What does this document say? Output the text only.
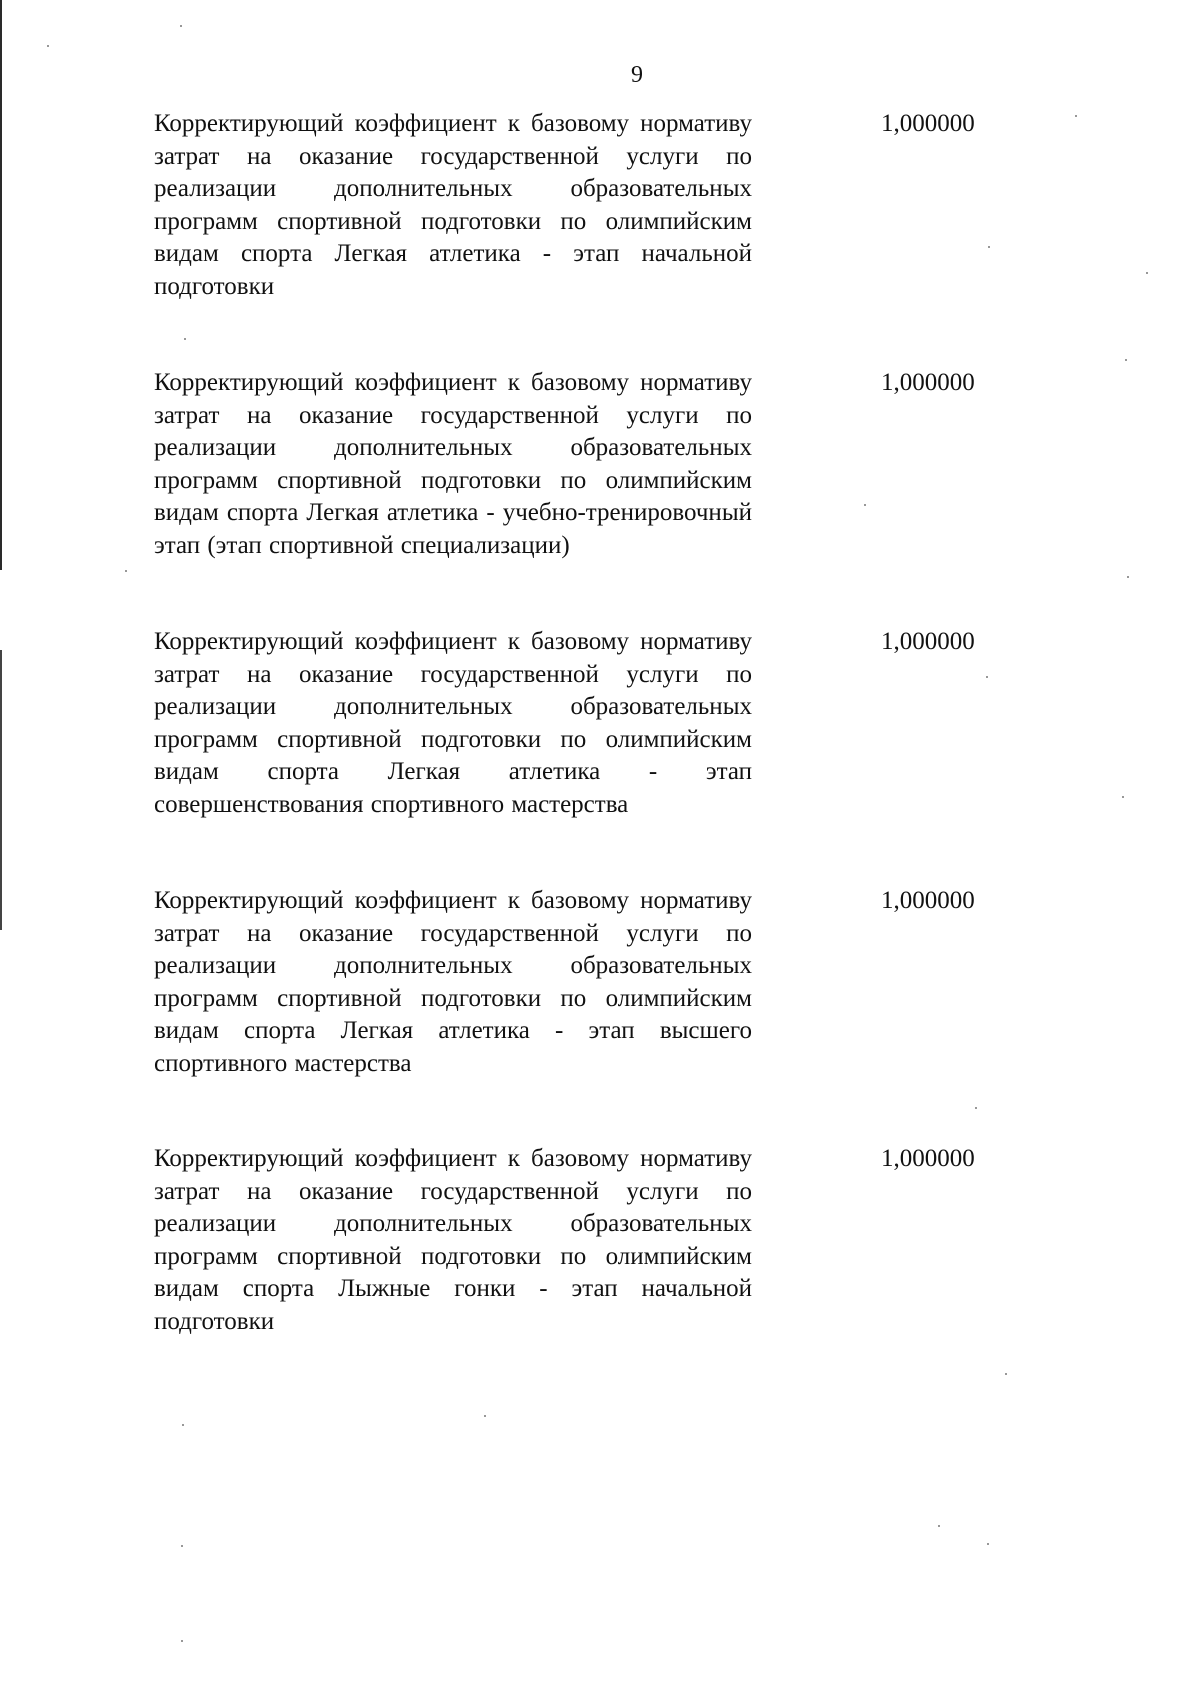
9
Корректирующий коэффициент к базовому нормативу затрат на оказание государственной услуги по реализации дополнительных образовательных программ спортивной подготовки по олимпийским видам спорта Легкая атлетика - этап начальной подготовки
1,000000
Корректирующий коэффициент к базовому нормативу затрат на оказание государственной услуги по реализации дополнительных образовательных программ спортивной подготовки по олимпийским видам спорта Легкая атлетика - учебно-тренировочный этап (этап спортивной специализации)
1,000000
Корректирующий коэффициент к базовому нормативу затрат на оказание государственной услуги по реализации дополнительных образовательных программ спортивной подготовки по олимпийским видам спорта Легкая атлетика - этап совершенствования спортивного мастерства
1,000000
Корректирующий коэффициент к базовому нормативу затрат на оказание государственной услуги по реализации дополнительных образовательных программ спортивной подготовки по олимпийским видам спорта Легкая атлетика - этап высшего спортивного мастерства
1,000000
Корректирующий коэффициент к базовому нормативу затрат на оказание государственной услуги по реализации дополнительных образовательных программ спортивной подготовки по олимпийским видам спорта Лыжные гонки - этап начальной подготовки
1,000000
